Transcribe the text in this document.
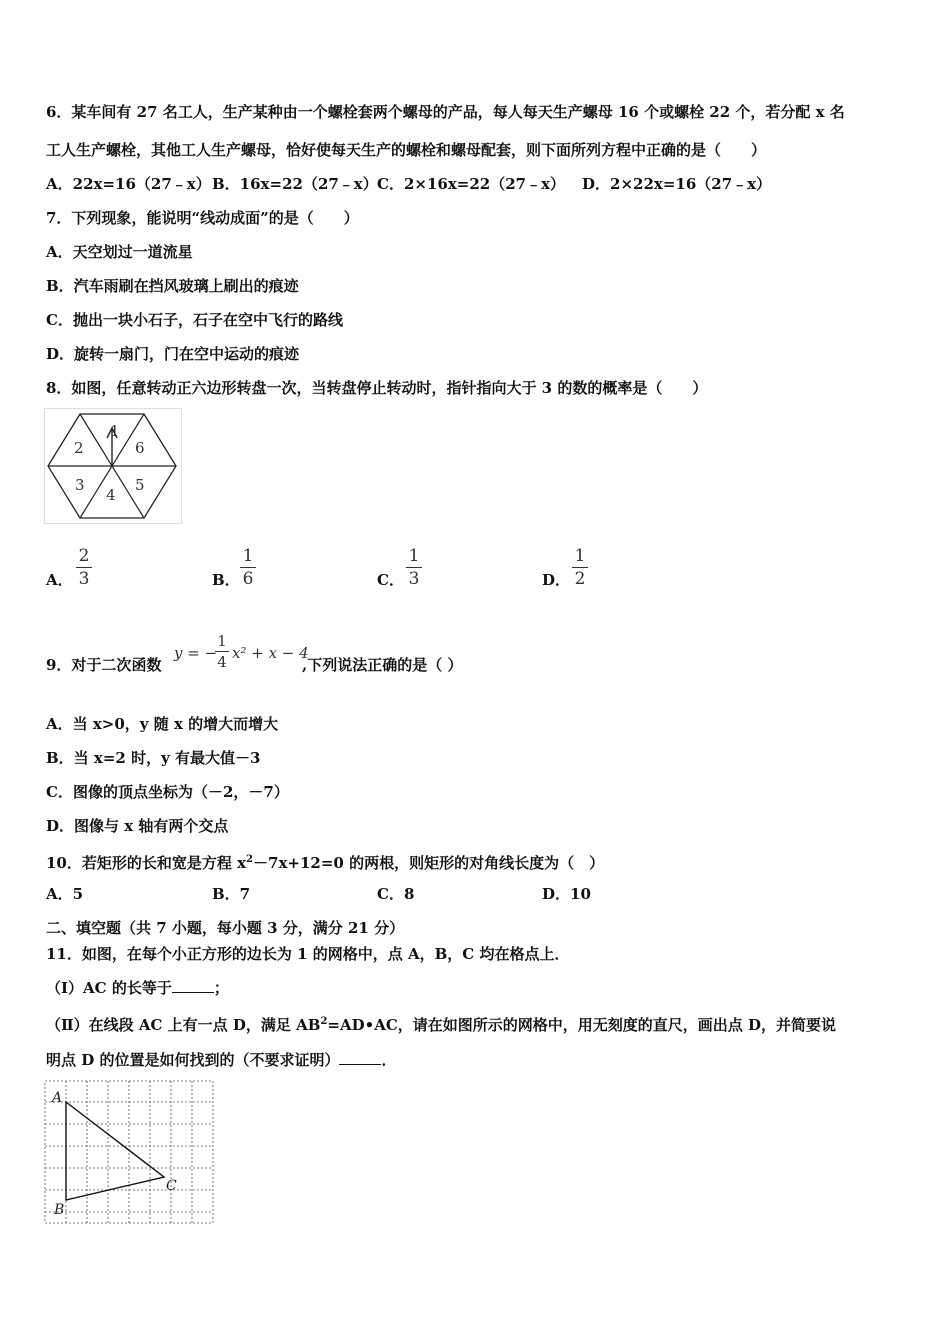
6．某车间有 27 名工人，生产某种由一个螺栓套两个螺母的产品，每人每天生产螺母 16 个或螺栓 22 个，若分配 x 名
工人生产螺栓，其他工人生产螺母，恰好使每天生产的螺栓和螺母配套，则下面所列方程中正确的是（　　）
A．22x=16（27﹣x） B．16x=22（27﹣x） C．2×16x=22（27﹣x） D．2×22x=16（27﹣x）
7．下列现象，能说明“线动成面”的是（　　）
A．天空划过一道流星
B．汽车雨刷在挡风玻璃上刷出的痕迹
C．抛出一块小石子，石子在空中飞行的路线
D．旋转一扇门，门在空中运动的痕迹
8．如图，任意转动正六边形转盘一次，当转盘停止转动时，指针指向大于 3 的数的概率是（　　）
1
6
5
4
3
2
A．
2
3	B．
1
6	C．
1
3	D．
1
2
9．对于二次函数
y = −
1
4 x² + x − 4
,下列说法正确的是（ ）
A．当 x>0，y 随 x 的增大而增大
B．当 x=2 时，y 有最大值－3
C．图像的顶点坐标为（－2，－7）
D．图像与 x 轴有两个交点
10．若矩形的长和宽是方程 $x^2-7x+12=0$ 的两根，则矩形的对角线长度为（　）
A．5	B．7	C．8	D．10
二、填空题（共 7 小题，每小题 3 分，满分 21 分）
11．如图，在每个小正方形的边长为 1 的网格中，点 A，B，C 均在格点上．
（Ⅰ）AC 的长等于	；
（Ⅱ）在线段 AC 上有一点 D，满足 $AB^2=AD•AC$，请在如图所示的网格中，用无刻度的直尺，画出点 D，并简要说
明点 D 的位置是如何找到的（不要求证明）	．
A
B
C
